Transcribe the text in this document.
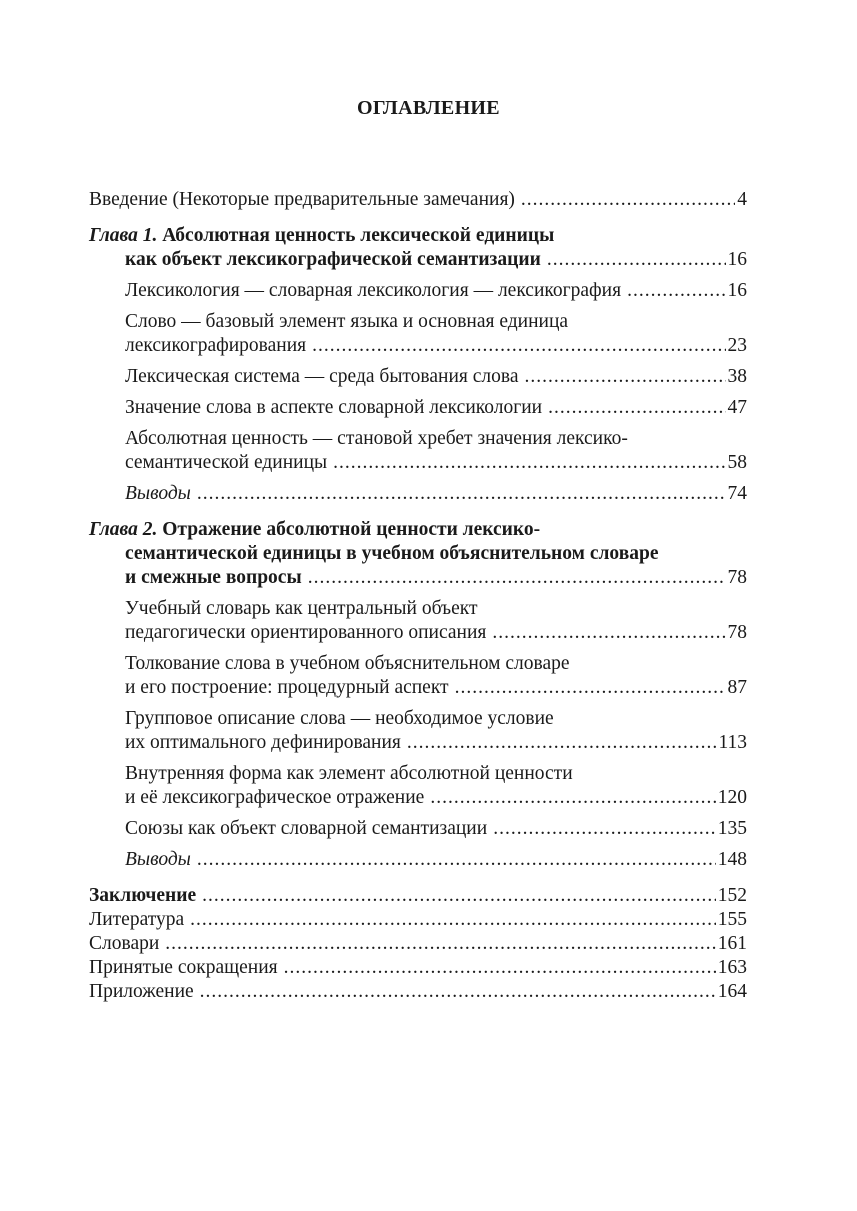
ОГЛАВЛЕНИЕ
Введение (Некоторые предварительные замечания) .....	4
Глава 1. Абсолютная ценность лексической единицы
как объект лексикографической семантизации .....	16
Лексикология — словарная лексикология — лексикография .....	16
Слово — базовый элемент языка и основная единица
лексикографирования .....	23
Лексическая система — среда бытования слова .....	38
Значение слова в аспекте словарной лексикологии .....	47
Абсолютная ценность — становой хребет значения лексико-
семантической единицы .....	58
Выводы .....	74
Глава 2. Отражение абсолютной ценности лексико-
семантической единицы в учебном объяснительном словаре
и смежные вопросы .....	78
Учебный словарь как центральный объект
педагогически ориентированного описания .....	78
Толкование слова в учебном объяснительном словаре
и его построение: процедурный аспект .....	87
Групповое описание слова — необходимое условие
их оптимального дефинирования .....	113
Внутренняя форма как элемент абсолютной ценности
и её лексикографическое отражение .....	120
Союзы как объект словарной семантизации .....	135
Выводы .....	148
Заключение .....	152
Литература .....	155
Словари .....	161
Принятые сокращения .....	163
Приложение .....	164
